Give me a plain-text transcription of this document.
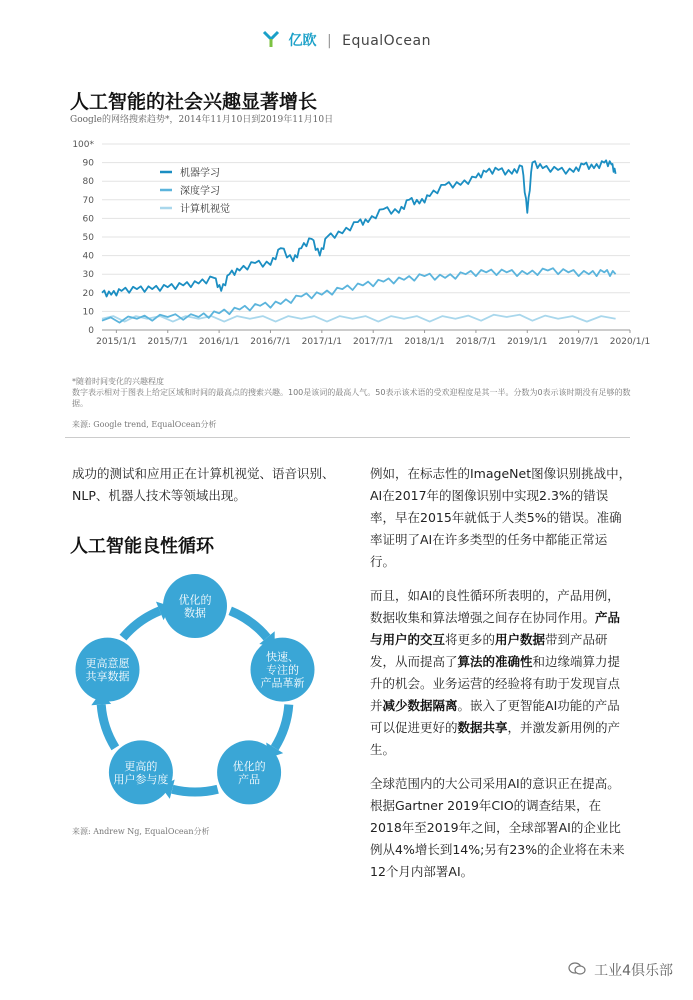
亿欧 | EqualOcean
人工智能的社会兴趣显著增长
Google的网络搜索趋势*，2014年11月10日到2019年11月10日
0
10
20
30
40
50
60
70
80
90
100*
2015/1/1 2015/7/1 2016/1/1 2016/7/1 2017/1/1 2017/7/1 2018/1/1 2018/7/1 2019/1/1 2019/7/1 2020/1/1
机器学习
深度学习
计算机视觉
*随着时间变化的兴趣程度
数字表示相对于图表上给定区域和时间的最高点的搜索兴趣。100是该词的最高人气。50表示该术语的受欢迎程度是其一半。分数为0表示该时期没有足够的数据。
来源: Google trend, EqualOcean分析
成功的测试和应用正在计算机视觉、语音识别、NLP、机器人技术等领域出现。
人工智能良性循环
优化的
数据
快速、
专注的
产品革新
优化的
产品
更高的
用户参与度
更高意愿
共享数据
来源: Andrew Ng, EqualOcean分析

例如，在标志性的ImageNet图像识别挑战中，AI在2017年的图像识别中实现2.3%的错误率，早在2015年就低于人类5%的错误。准确率证明了AI在许多类型的任务中都能正常运行。

而且，如AI的良性循环所表明的，产品用例，数据收集和算法增强之间存在协同作用。产品与用户的交互将更多的用户数据带到产品研发，从而提高了算法的准确性和边缘端算力提升的机会。业务运营的经验将有助于发现盲点并减少数据隔离。嵌入了更智能AI功能的产品可以促进更好的数据共享，并激发新用例的产生。

全球范围内的大公司采用AI的意识正在提高。根据Gartner 2019年CIO的调查结果，在2018年至2019年之间，全球部署AI的企业比例从4%增长到14%;另有23%的企业将在未来12个月内部署AI。

工业4俱乐部
